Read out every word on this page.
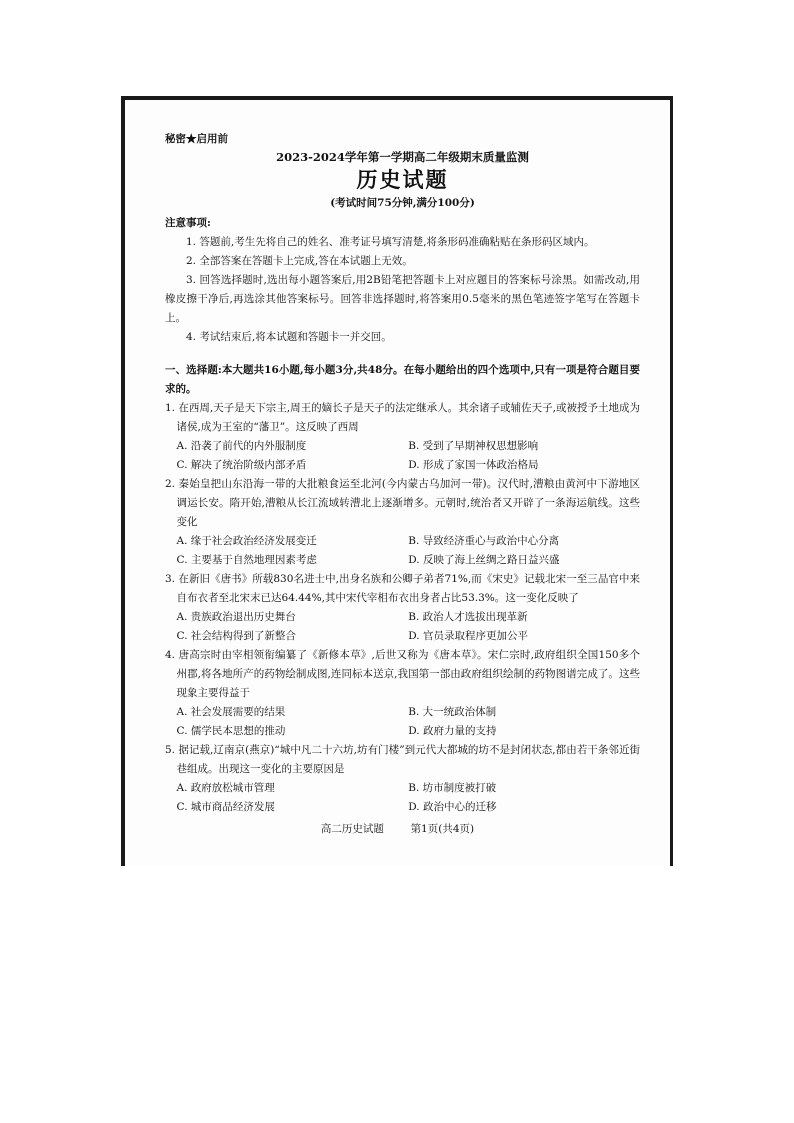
秘密★启用前
2023-2024学年第一学期高二年级期末质量监测
历史试题
(考试时间75分钟,满分100分)
注意事项:
1. 答题前,考生先将自己的姓名、准考证号填写清楚,将条形码准确粘贴在条形码区域内。
2. 全部答案在答题卡上完成,答在本试题上无效。
3. 回答选择题时,选出每小题答案后,用2B铅笔把答题卡上对应题目的答案标号涂黑。如需改动,用橡皮擦干净后,再选涂其他答案标号。回答非选择题时,将答案用0.5毫米的黑色笔迹签字笔写在答题卡上。
4. 考试结束后,将本试题和答题卡一并交回。
一、选择题:本大题共16小题,每小题3分,共48分。在每小题给出的四个选项中,只有一项是符合题目要求的。
1. 在西周,天子是天下宗主,周王的嫡长子是天子的法定继承人。其余诸子或辅佐天子,或被授予土地成为诸侯,成为王室的“藩卫”。这反映了西周
A. 沿袭了前代的内外服制度	B. 受到了早期神权思想影响
C. 解决了统治阶级内部矛盾	D. 形成了家国一体政治格局
2. 秦始皇把山东沿海一带的大批粮食运至北河(今内蒙古乌加河一带)。汉代时,漕粮由黄河中下游地区调运长安。隋开始,漕粮从长江流域转漕北上逐渐增多。元朝时,统治者又开辟了一条海运航线。这些变化
A. 缘于社会政治经济发展变迁	B. 导致经济重心与政治中心分离
C. 主要基于自然地理因素考虑	D. 反映了海上丝绸之路日益兴盛
3. 在新旧《唐书》所载830名进士中,出身名族和公卿子弟者71%,而《宋史》记载北宋一至三品官中来自布衣者至北宋末已达64.44%,其中宋代宰相布衣出身者占比53.3%。这一变化反映了
A. 贵族政治退出历史舞台	B. 政治人才选拔出现革新
C. 社会结构得到了新整合	D. 官员录取程序更加公平
4. 唐高宗时由宰相领衔编纂了《新修本草》,后世又称为《唐本草》。宋仁宗时,政府组织全国150多个州郡,将各地所产的药物绘制成图,连同标本送京,我国第一部由政府组织绘制的药物图谱完成了。这些现象主要得益于
A. 社会发展需要的结果	B. 大一统政治体制
C. 儒学民本思想的推动	D. 政府力量的支持
5. 据记载,辽南京(燕京)“城中凡二十六坊,坊有门楼”到元代大都城的坊不是封闭状态,都由若干条邻近街巷组成。出现这一变化的主要原因是
A. 政府放松城市管理	B. 坊市制度被打破
C. 城市商品经济发展	D. 政治中心的迁移
高二历史试题	第1页(共4页)
